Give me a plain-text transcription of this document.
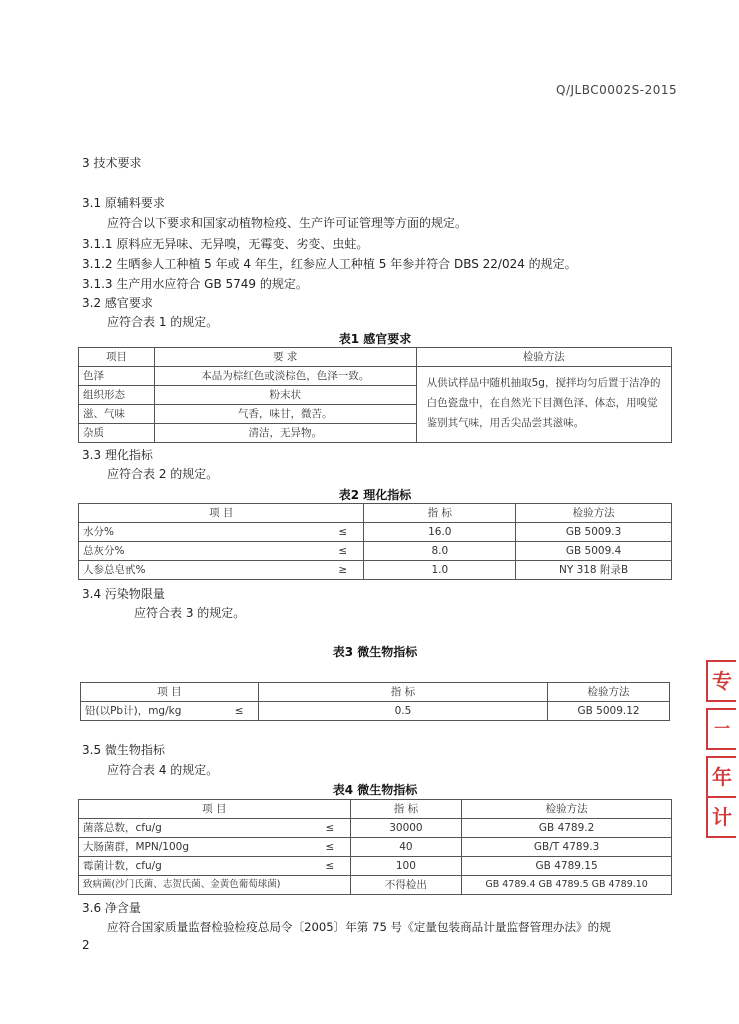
Q/JLBC0002S-2015
3 技术要求
3.1 原辅料要求
应符合以下要求和国家动植物检疫、生产许可证管理等方面的规定。
3.1.1 原料应无异味、无异嗅，无霉变、劣变、虫蛀。
3.1.2 生晒参人工种植 5 年或 4 年生，红参应人工种植 5 年参并符合 DBS 22/024 的规定。
3.1.3 生产用水应符合 GB 5749 的规定。
3.2 感官要求
应符合表 1 的规定。
表1 感官要求
项目	要 求	检验方法
色泽	本品为棕红色或淡棕色，色泽一致。	从供试样品中随机抽取5g，搅拌均匀后置于洁净的白色瓷盘中，在自然光下目测色泽、体态，用嗅觉鉴别其气味，用舌尖品尝其滋味。
组织形态	粉末状	
滋、气味	气香，味甘，微苦。	
杂质	清洁，无异物。	
3.3 理化指标
应符合表 2 的规定。
表2 理化指标
项 目		指 标	检验方法
水分%	≤	16.0	GB 5009.3
总灰分%	≤	8.0	GB 5009.4
人参总皂甙%	≥	1.0	NY 318 附录B
3.4 污染物限量
应符合表 3 的规定。
表3 微生物指标
项 目		指 标	检验方法
铅(以Pb计)，mg/kg	≤	0.5	GB 5009.12
3.5 微生物指标
应符合表 4 的规定。
表4 微生物指标
项 目		指 标	检验方法
菌落总数，cfu/g	≤	30000	GB 4789.2
大肠菌群，MPN/100g	≤	40	GB/T 4789.3
霉菌计数，cfu/g	≤	100	GB 4789.15
致病菌(沙门氏菌、志贺氏菌、金黄色葡萄球菌)		不得检出	GB 4789.4 GB 4789.5 GB 4789.10
3.6 净含量
应符合国家质量监督检验检疫总局令〔2005〕年第 75 号《定量包装商品计量监督管理办法》的规
2
专
一
年
计
